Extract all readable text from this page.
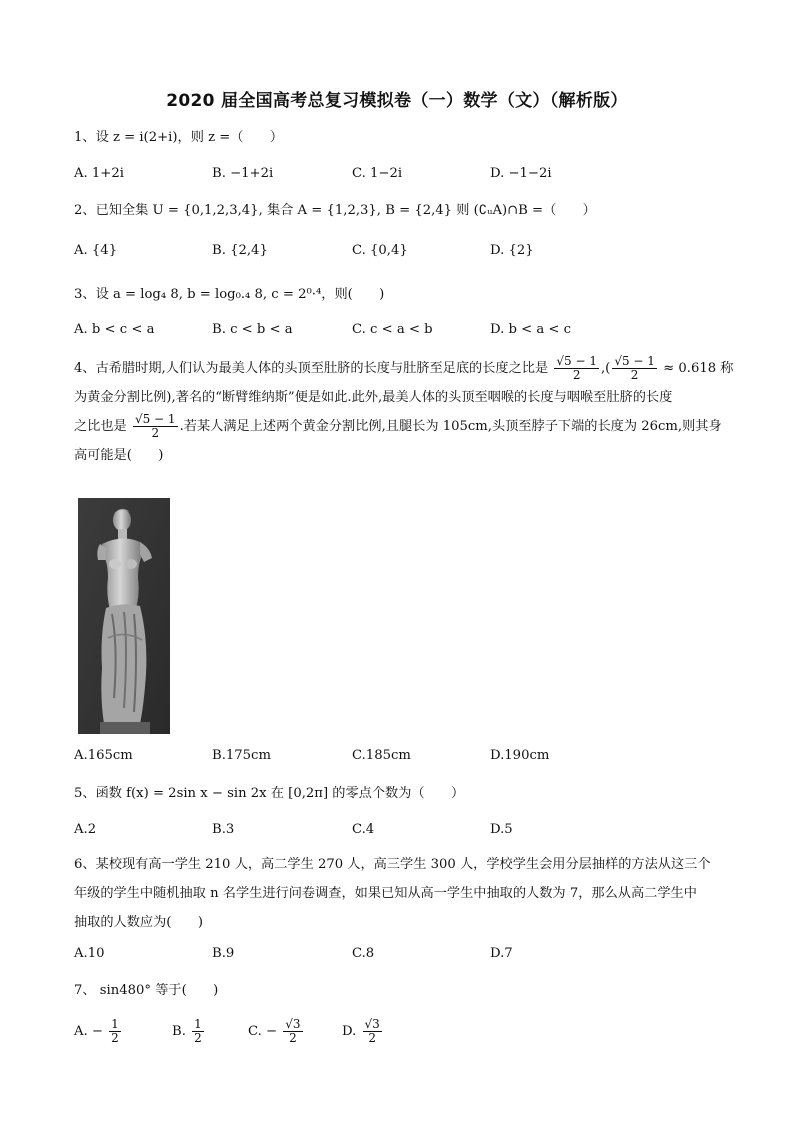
2020 届全国高考总复习模拟卷（一）数学（文）（解析版）
1、设 z = i(2+i)，则 z =（　　）
A. 1+2i	B. −1+2i	C. 1−2i	D. −1−2i
2、已知全集 U = {0,1,2,3,4}, 集合 A = {1,2,3}, B = {2,4} 则 (∁ᵤA)∩B =（　　）
A. {4}	B. {2,4}	C. {0,4}	D. {2}
3、设 a = log₄ 8, b = log₀.₄ 8, c = 2⁰·⁴，则(　　)
A. b < c < a	B. c < b < a	C. c < a < b	D. b < a < c
4、古希腊时期,人们认为最美人体的头顶至肚脐的长度与肚脐至足底的长度之比是 $\frac{√5 - 1}{2}$ ,( $\frac{√5 - 1}{2} \approx 0.618$ 称
为黄金分割比例),著名的“断臂维纳斯”便是如此.此外,最美人体的头顶至咽喉的长度与咽喉至肚脐的长度
之比也是 $\frac{√5 - 1}{2}$ .若某人满足上述两个黄金分割比例,且腿长为 105cm,头顶至脖子下端的长度为 26cm,则其身
高可能是(　　)
A.165cm	B.175cm	C.185cm	D.190cm
5、函数 f(x) = 2sin x − sin 2x 在 [0,2π] 的零点个数为（　　）
A.2	B.3	C.4	D.5
6、某校现有高一学生 210 人，高二学生 270 人，高三学生 300 人，学校学生会用分层抽样的方法从这三个
年级的学生中随机抽取 n 名学生进行问卷调查，如果已知从高一学生中抽取的人数为 7，那么从高二学生中
抽取的人数应为(　　)
A.10	B.9	C.8	D.7
7、 sin480° 等于(　　)
A. − $\frac{1}{2}$	B. $\frac{1}{2}$	C. − $\frac{√3}{2}$	D. $\frac{√3}{2}$
